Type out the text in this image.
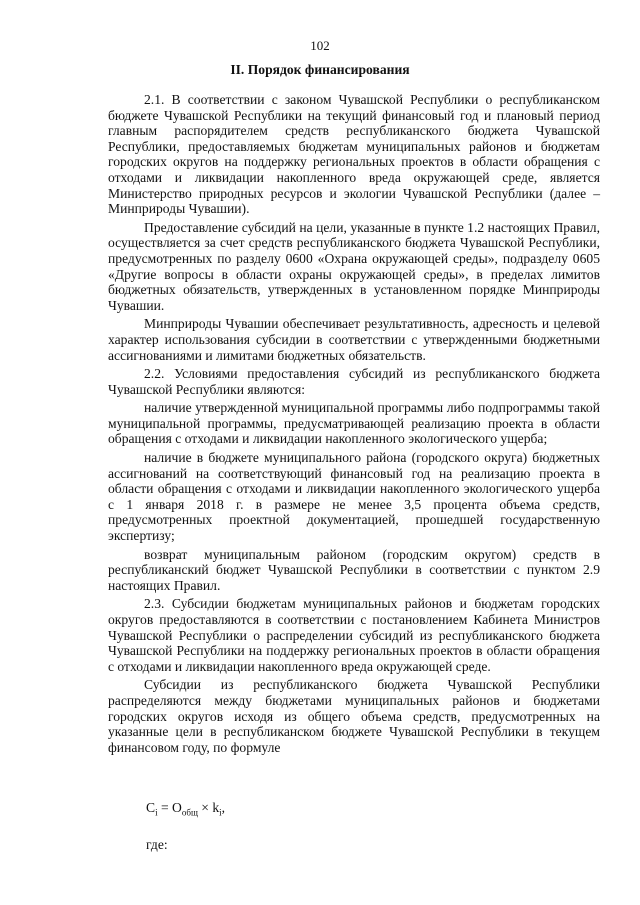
102
II. Порядок финансирования

2.1. В соответствии с законом Чувашской Республики о республиканском бюджете Чувашской Республики на текущий финансовый год и плановый период главным распорядителем средств республиканского бюджета Чувашской Республики, предоставляемых бюджетам муниципальных районов и бюджетам городских округов на поддержку региональных проектов в области обращения с отходами и ликвидации накопленного вреда окружающей среде, является Министерство природных ресурсов и экологии Чувашской Республики (далее – Минприроды Чувашии).

Предоставление субсидий на цели, указанные в пункте 1.2 настоящих Правил, осуществляется за счет средств республиканского бюджета Чувашской Республики, предусмотренных по разделу 0600 «Охрана окружающей среды», подразделу 0605 «Другие вопросы в области охраны окружающей среды», в пределах лимитов бюджетных обязательств, утвержденных в установленном порядке Минприроды Чувашии.

Минприроды Чувашии обеспечивает результативность, адресность и целевой характер использования субсидии в соответствии с утвержденными бюджетными ассигнованиями и лимитами бюджетных обязательств.

2.2. Условиями предоставления субсидий из республиканского бюджета Чувашской Республики являются:

наличие утвержденной муниципальной программы либо подпрограммы такой муниципальной программы, предусматривающей реализацию проекта в области обращения с отходами и ликвидации накопленного экологического ущерба;

наличие в бюджете муниципального района (городского округа) бюджетных ассигнований на соответствующий финансовый год на реализацию проекта в области обращения с отходами и ликвидации накопленного экологического ущерба с 1 января 2018 г. в размере не менее 3,5 процента объема средств, предусмотренных проектной документацией, прошедшей государственную экспертизу;

возврат муниципальным районом (городским округом) средств в республиканский бюджет Чувашской Республики в соответствии с пунктом 2.9 настоящих Правил.

2.3. Субсидии бюджетам муниципальных районов и бюджетам городских округов предоставляются в соответствии с постановлением Кабинета Министров Чувашской Республики о распределении субсидий из республиканского бюджета Чувашской Республики на поддержку региональных проектов в области обращения с отходами и ликвидации накопленного вреда окружающей среде.

Субсидии из республиканского бюджета Чувашской Республики распределяются между бюджетами муниципальных районов и бюджетами городских округов исходя из общего объема средств, предусмотренных на указанные цели в республиканском бюджете Чувашской Республики в текущем финансовом году, по формуле

$C_i = O_{общ} \times k_i$,
где:
